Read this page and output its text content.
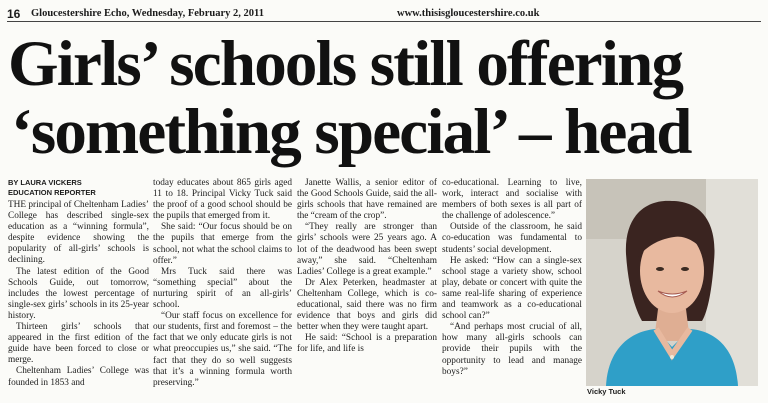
16 Gloucestershire Echo, Wednesday, February 2, 2011	www.thisisgloucestershire.co.uk
Girls’ schools still offering
‘something special’ – head
BY LAURA VICKERS
EDUCATION REPORTER

THE principal of Cheltenham Ladies’ College has described single-sex education as a “winning formula”, despite evidence showing the popularity of all-girls’ schools is declining.

The latest edition of the Good Schools Guide, out tomorrow, includes the lowest percentage of single-sex girls’ schools in its 25-year history.

Thirteen girls’ schools that appeared in the first edition of the guide have been forced to close or merge.

Cheltenham Ladies’ College was founded in 1853 and

today educates about 865 girls aged 11 to 18. Principal Vicky Tuck said the proof of a good school should be the pupils that emerged from it.

She said: “Our focus should be on the pupils that emerge from the school, not what the school claims to offer.”

Mrs Tuck said there was “something special” about the nurturing spirit of an all-girls’ school.

“Our staff focus on excellence for our students, first and foremost – the fact that we only educate girls is not what preoccupies us,” she said. “The fact that they do so well suggests that it’s a winning formula worth preserving.”

Janette Wallis, a senior editor of the Good Schools Guide, said the all-girls schools that have remained are the “cream of the crop”.

“They really are stronger than girls’ schools were 25 years ago. A lot of the deadwood has been swept away,” she said. “Cheltenham Ladies’ College is a great example.”

Dr Alex Peterken, headmaster at Cheltenham College, which is co-educational, said there was no firm evidence that boys and girls did better when they were taught apart.

He said: “School is a preparation for life, and life is

co-educational. Learning to live, work, interact and socialise with members of both sexes is all part of the challenge of adolescence.”

Outside of the classroom, he said co-education was fundamental to students’ social development.

He asked: “How can a single-sex school stage a variety show, school play, debate or concert with quite the same real-life sharing of experience and teamwork as a co-educational school can?”

“And perhaps most crucial of all, how many all-girls schools can provide their pupils with the opportunity to lead and manage boys?”

Vicky Tuck
